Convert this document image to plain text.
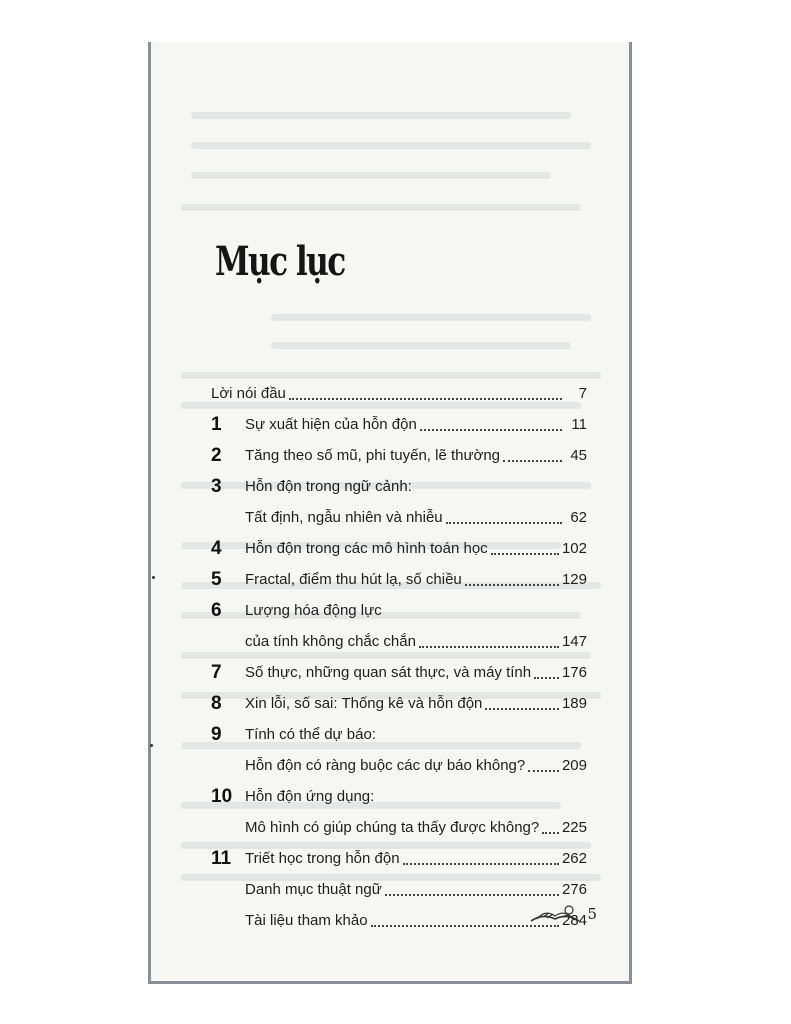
Mục lục
Lời nói đầu	7
1	Sự xuất hiện của hỗn độn	11
2	Tăng theo số mũ, phi tuyến, lẽ thường	45
3	Hỗn độn trong ngữ cảnh:
Tất định, ngẫu nhiên và nhiễu	62
4	Hỗn độn trong các mô hình toán học	102
5	Fractal, điểm thu hút lạ, số chiều	129
6	Lượng hóa động lực
của tính không chắc chắn	147
7	Số thực, những quan sát thực, và máy tính 176
8	Xin lỗi, số sai: Thống kê và hỗn độn	189
9	Tính có thể dự báo:
Hỗn độn có ràng buộc các dự báo không? 209
10 Hỗn độn ứng dụng:
Mô hình có giúp chúng ta thấy được không? 225
11 Triết học trong hỗn độn	262
Danh mục thuật ngữ	276
Tài liệu tham khảo	284 5
